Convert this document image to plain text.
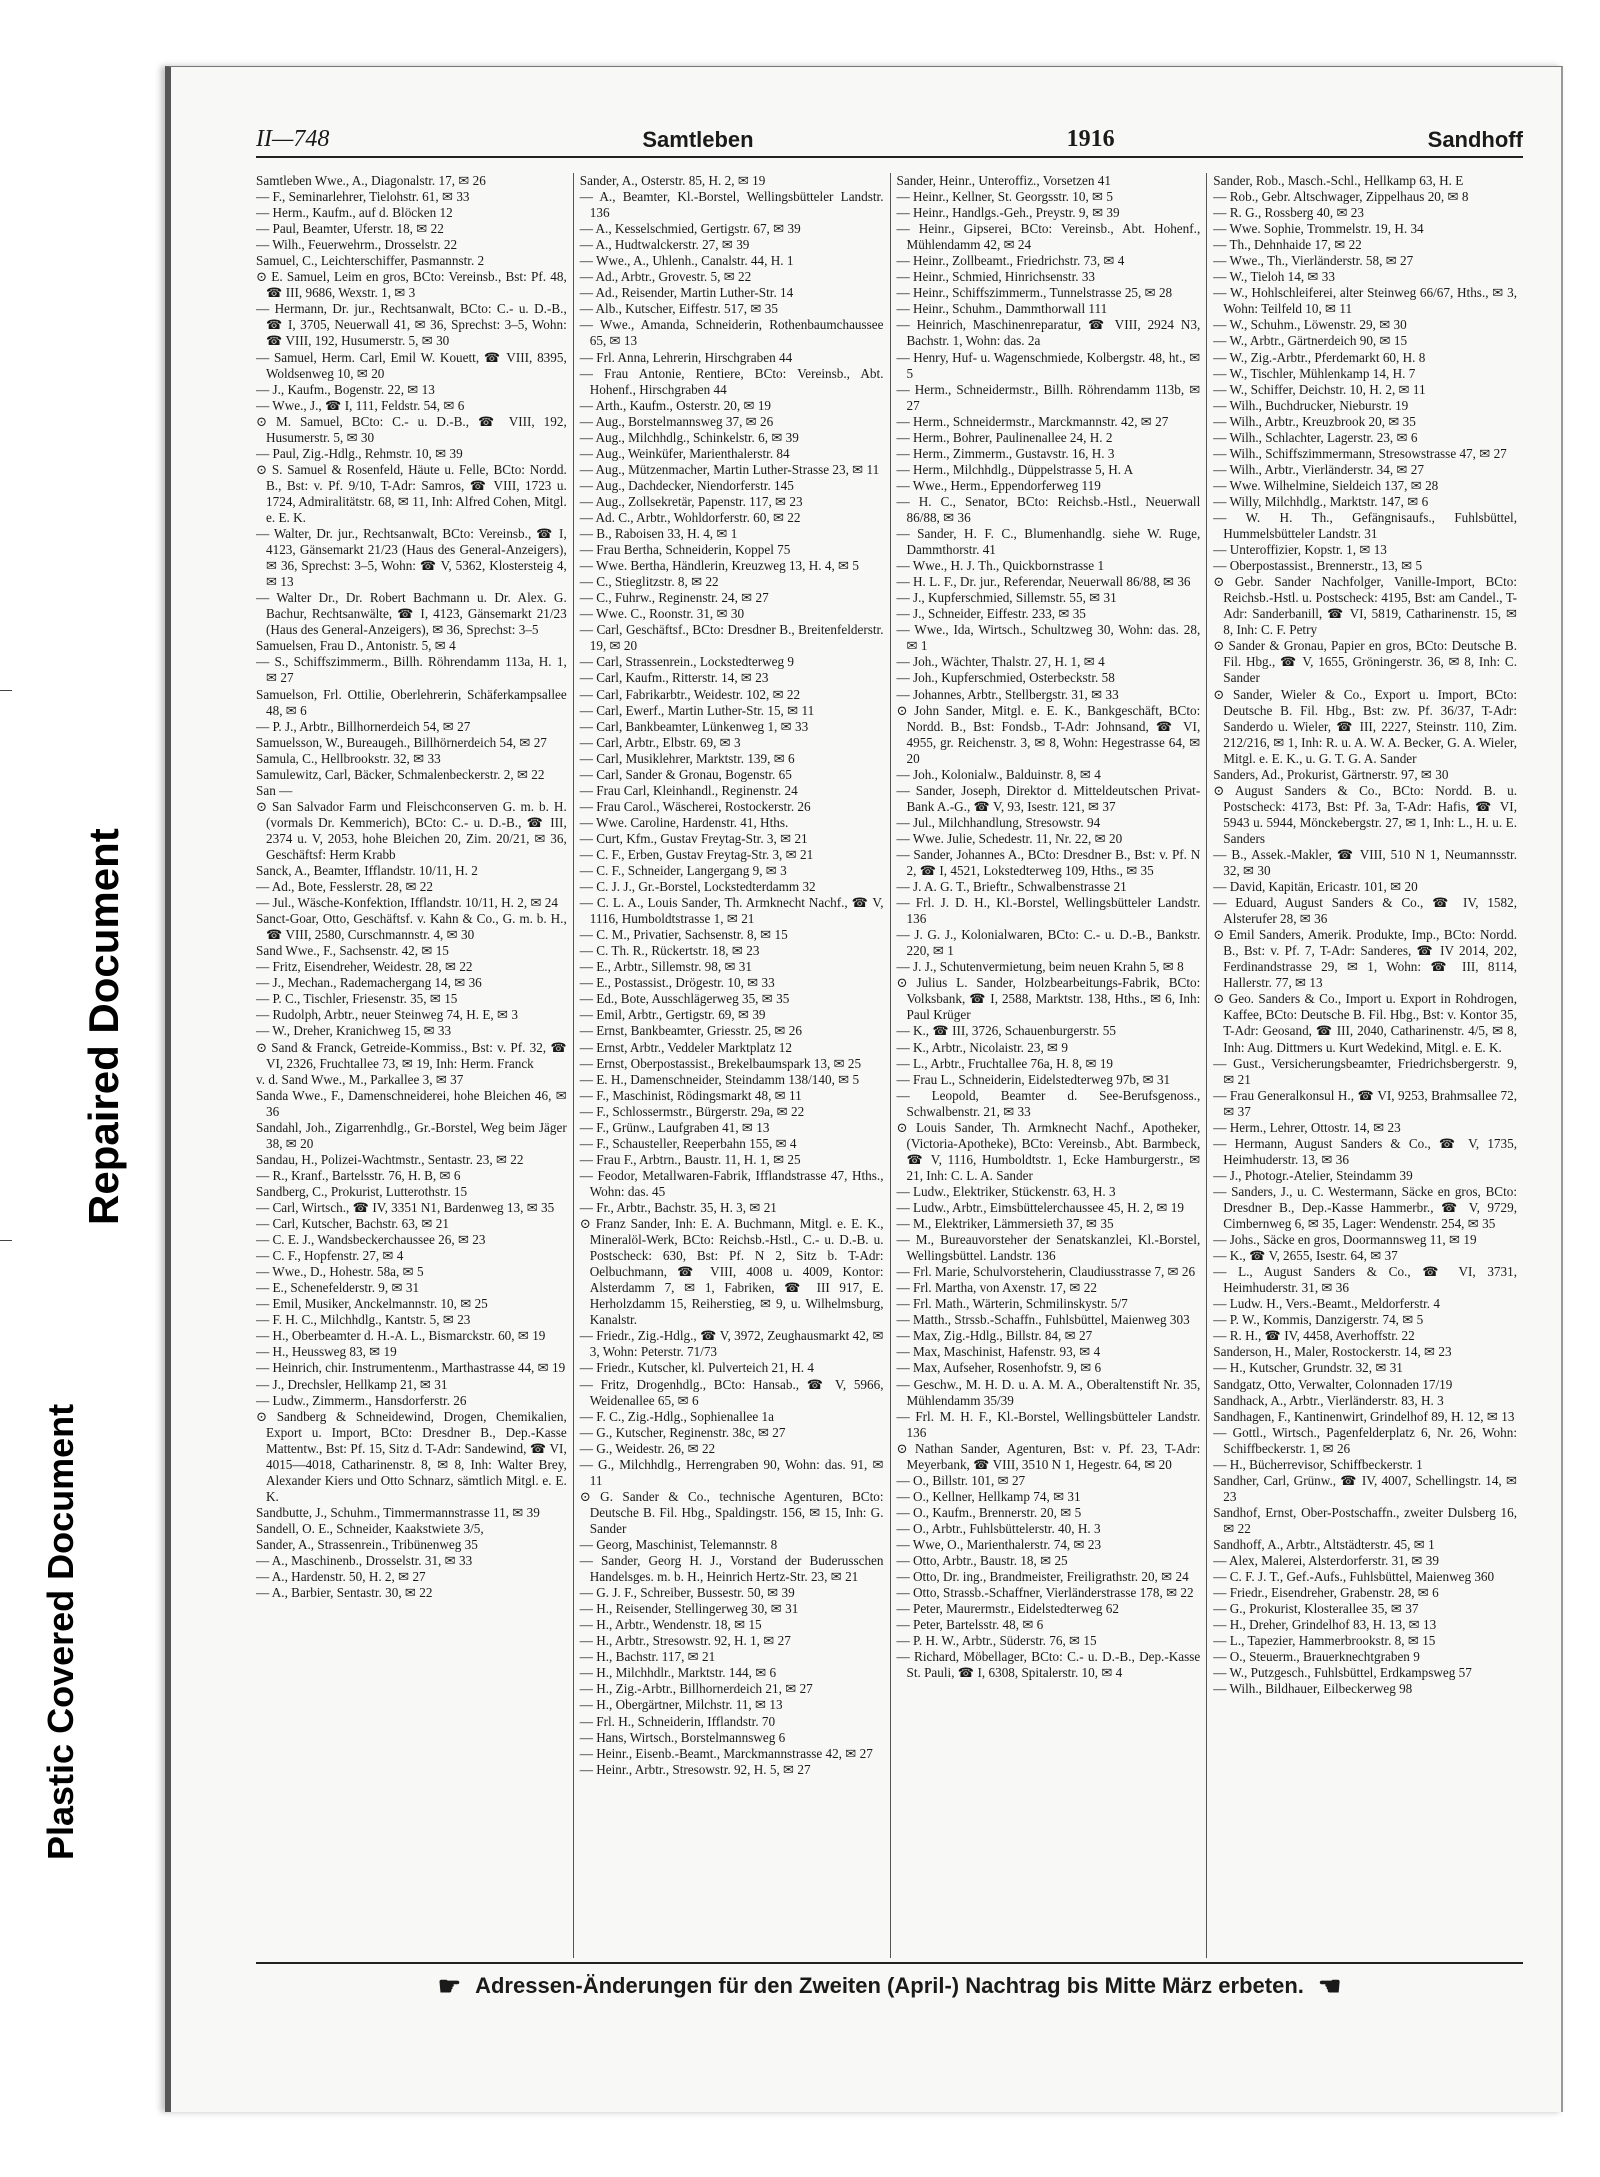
Repaired Document
Plastic Covered Document
II—748	Samtleben	1916	Sandhoff
Samtleben Wwe., A., Diagonalstr. 17, ✉ 26
— F., Seminarlehrer, Tielohstr. 61, ✉ 33
— Herm., Kaufm., auf d. Blöcken 12
— Paul, Beamter, Uferstr. 18, ✉ 22
— Wilh., Feuerwehrm., Drosselstr. 22
Samuel, C., Leichterschiffer, Pasmannstr. 2
⊙ E. Samuel, Leim en gros, BCto: Vereinsb., Bst: Pf. 48, ☎ III, 9686, Wexstr. 1, ✉ 3
— Hermann, Dr. jur., Rechtsanwalt, BCto: C.- u. D.-B., ☎ I, 3705, Neuerwall 41, ✉ 36, Sprechst: 3–5, Wohn: ☎ VIII, 192, Husumerstr. 5, ✉ 30
— Samuel, Herm. Carl, Emil W. Kouett, ☎ VIII, 8395, Woldsenweg 10, ✉ 20
— J., Kaufm., Bogenstr. 22, ✉ 13
— Wwe., J., ☎ I, 111, Feldstr. 54, ✉ 6
⊙ M. Samuel, BCto: C.- u. D.-B., ☎ VIII, 192, Husumerstr. 5, ✉ 30
— Paul, Zig.-Hdlg., Rehmstr. 10, ✉ 39
⊙ S. Samuel & Rosenfeld, Häute u. Felle, BCto: Nordd. B., Bst: v. Pf. 9/10, T-Adr: Samros, ☎ VIII, 1723 u. 1724, Admiralitätstr. 68, ✉ 11, Inh: Alfred Cohen, Mitgl. e. E. K.
— Walter, Dr. jur., Rechtsanwalt, BCto: Vereinsb., ☎ I, 4123, Gänsemarkt 21/23 (Haus des General-Anzeigers), ✉ 36, Sprechst: 3–5, Wohn: ☎ V, 5362, Klostersteig 4, ✉ 13
— Walter Dr., Dr. Robert Bachmann u. Dr. Alex. G. Bachur, Rechtsanwälte, ☎ I, 4123, Gänsemarkt 21/23 (Haus des General-Anzeigers), ✉ 36, Sprechst: 3–5
Samuelsen, Frau D., Antonistr. 5, ✉ 4
— S., Schiffszimmerm., Billh. Röhrendamm 113a, H. 1, ✉ 27
Samuelson, Frl. Ottilie, Oberlehrerin, Schäferkampsallee 48, ✉ 6
— P. J., Arbtr., Billhornerdeich 54, ✉ 27
Samuelsson, W., Bureaugeh., Billhörnerdeich 54, ✉ 27
Samula, C., Hellbrookstr. 32, ✉ 33
Samulewitz, Carl, Bäcker, Schmalenbeckerstr. 2, ✉ 22
San —
⊙ San Salvador Farm und Fleischconserven G. m. b. H. (vormals Dr. Kemmerich), BCto: C.- u. D.-B., ☎ III, 2374 u. V, 2053, hohe Bleichen 20, Zim. 20/21, ✉ 36, Geschäftsf: Herm Krabb
Sanck, A., Beamter, Ifflandstr. 10/11, H. 2
— Ad., Bote, Fesslerstr. 28, ✉ 22
— Jul., Wäsche-Konfektion, Ifflandstr. 10/11, H. 2, ✉ 24
Sanct-Goar, Otto, Geschäftsf. v. Kahn & Co., G. m. b. H., ☎ VIII, 2580, Curschmannstr. 4, ✉ 30
Sand Wwe., F., Sachsenstr. 42, ✉ 15
— Fritz, Eisendreher, Weidestr. 28, ✉ 22
— J., Mechan., Rademachergang 14, ✉ 36
— P. C., Tischler, Friesenstr. 35, ✉ 15
— Rudolph, Arbtr., neuer Steinweg 74, H. E, ✉ 3
— W., Dreher, Kranichweg 15, ✉ 33
⊙ Sand & Franck, Getreide-Kommiss., Bst: v. Pf. 32, ☎ VI, 2326, Fruchtallee 73, ✉ 19, Inh: Herm. Franck
v. d. Sand Wwe., M., Parkallee 3, ✉ 37
Sanda Wwe., F., Damenschneiderei, hohe Bleichen 46, ✉ 36
Sandahl, Joh., Zigarrenhdlg., Gr.-Borstel, Weg beim Jäger 38, ✉ 20
Sandau, H., Polizei-Wachtmstr., Sentastr. 23, ✉ 22
— R., Kranf., Bartelsstr. 76, H. B, ✉ 6
Sandberg, C., Prokurist, Lutterothstr. 15
— Carl, Wirtsch., ☎ IV, 3351 N1, Bardenweg 13, ✉ 35
— Carl, Kutscher, Bachstr. 63, ✉ 21
— C. E. J., Wandsbeckerchaussee 26, ✉ 23
— C. F., Hopfenstr. 27, ✉ 4
— Wwe., D., Hohestr. 58a, ✉ 5
— E., Schenefelderstr. 9, ✉ 31
— Emil, Musiker, Anckelmannstr. 10, ✉ 25
— F. H. C., Milchhdlg., Kantstr. 5, ✉ 23
— H., Oberbeamter d. H.-A. L., Bismarckstr. 60, ✉ 19
— H., Heussweg 83, ✉ 19
— Heinrich, chir. Instrumentenm., Marthastrasse 44, ✉ 19
— J., Drechsler, Hellkamp 21, ✉ 31
— Ludw., Zimmerm., Hansdorferstr. 26
⊙ Sandberg & Schneidewind, Drogen, Chemikalien, Export u. Import, BCto: Dresdner B., Dep.-Kasse Mattentw., Bst: Pf. 15, Sitz d. T-Adr: Sandewind, ☎ VI, 4015—4018, Catharinenstr. 8, ✉ 8, Inh: Walter Brey, Alexander Kiers und Otto Schnarz, sämtlich Mitgl. e. E. K.
Sandbutte, J., Schuhm., Timmermannstrasse 11, ✉ 39
Sandell, O. E., Schneider, Kaakstwiete 3/5,
Sander, A., Strassenrein., Tribünenweg 35
— A., Maschinenb., Drosselstr. 31, ✉ 33
— A., Hardenstr. 50, H. 2, ✉ 27
— A., Barbier, Sentastr. 30, ✉ 22
Sander, A., Osterstr. 85, H. 2, ✉ 19
— A., Beamter, Kl.-Borstel, Wellingsbütteler Landstr. 136
— A., Kesselschmied, Gertigstr. 67, ✉ 39
— A., Hudtwalckerstr. 27, ✉ 39
— Wwe., A., Uhlenh., Canalstr. 44, H. 1
— Ad., Arbtr., Grovestr. 5, ✉ 22
— Ad., Reisender, Martin Luther-Str. 14
— Alb., Kutscher, Eiffestr. 517, ✉ 35
— Wwe., Amanda, Schneiderin, Rothenbaumchaussee 65, ✉ 13
— Frl. Anna, Lehrerin, Hirschgraben 44
— Frau Antonie, Rentiere, BCto: Vereinsb., Abt. Hohenf., Hirschgraben 44
— Arth., Kaufm., Osterstr. 20, ✉ 19
— Aug., Borstelmannsweg 37, ✉ 26
— Aug., Milchhdlg., Schinkelstr. 6, ✉ 39
— Aug., Weinküfer, Marienthalerstr. 84
— Aug., Mützenmacher, Martin Luther-Strasse 23, ✉ 11
— Aug., Dachdecker, Niendorferstr. 145
— Aug., Zollsekretär, Papenstr. 117, ✉ 23
— Ad. C., Arbtr., Wohldorferstr. 60, ✉ 22
— B., Raboisen 33, H. 4, ✉ 1
— Frau Bertha, Schneiderin, Koppel 75
— Wwe. Bertha, Händlerin, Kreuzweg 13, H. 4, ✉ 5
— C., Stieglitzstr. 8, ✉ 22
— C., Fuhrw., Reginenstr. 24, ✉ 27
— Wwe. C., Roonstr. 31, ✉ 30
— Carl, Geschäftsf., BCto: Dresdner B., Breitenfelderstr. 19, ✉ 20
— Carl, Strassenrein., Lockstedterweg 9
— Carl, Kaufm., Ritterstr. 14, ✉ 23
— Carl, Fabrikarbtr., Weidestr. 102, ✉ 22
— Carl, Ewerf., Martin Luther-Str. 15, ✉ 11
— Carl, Bankbeamter, Lünkenweg 1, ✉ 33
— Carl, Arbtr., Elbstr. 69, ✉ 3
— Carl, Musiklehrer, Marktstr. 139, ✉ 6
— Carl, Sander & Gronau, Bogenstr. 65
— Frau Carl, Kleinhandl., Reginenstr. 24
— Frau Carol., Wäscherei, Rostockerstr. 26
— Wwe. Caroline, Hardenstr. 41, Hths.
— Curt, Kfm., Gustav Freytag-Str. 3, ✉ 21
— C. F., Erben, Gustav Freytag-Str. 3, ✉ 21
— C. F., Schneider, Langergang 9, ✉ 3
— C. J. J., Gr.-Borstel, Lockstedterdamm 32
— C. L. A., Louis Sander, Th. Armknecht Nachf., ☎ V, 1116, Humboldtstrasse 1, ✉ 21
— C. M., Privatier, Sachsenstr. 8, ✉ 15
— C. Th. R., Rückertstr. 18, ✉ 23
— E., Arbtr., Sillemstr. 98, ✉ 31
— E., Postassist., Drögestr. 10, ✉ 33
— Ed., Bote, Ausschlägerweg 35, ✉ 35
— Emil, Arbtr., Gertigstr. 69, ✉ 39
— Ernst, Bankbeamter, Griesstr. 25, ✉ 26
— Ernst, Arbtr., Veddeler Marktplatz 12
— Ernst, Oberpostassist., Brekelbaumspark 13, ✉ 25
— E. H., Damenschneider, Steindamm 138/140, ✉ 5
— F., Maschinist, Rödingsmarkt 48, ✉ 11
— F., Schlossermstr., Bürgerstr. 29a, ✉ 22
— F., Grünw., Laufgraben 41, ✉ 13
— F., Schausteller, Reeperbahn 155, ✉ 4
— Frau F., Arbtrn., Baustr. 11, H. 1, ✉ 25
— Feodor, Metallwaren-Fabrik, Ifflandstrasse 47, Hths., Wohn: das. 45
— Fr., Arbtr., Bachstr. 35, H. 3, ✉ 21
⊙ Franz Sander, Inh: E. A. Buchmann, Mitgl. e. E. K., Mineralöl-Werk, BCto: Reichsb.-Hstl., C.- u. D.-B. u. Postscheck: 630, Bst: Pf. N 2, Sitz b. T-Adr: Oelbuchmann, ☎ VIII, 4008 u. 4009, Kontor: Alsterdamm 7, ✉ 1, Fabriken, ☎ III 917, E. Herholzdamm 15, Reiherstieg, ✉ 9, u. Wilhelmsburg, Kanalstr.
— Friedr., Zig.-Hdlg., ☎ V, 3972, Zeughausmarkt 42, ✉ 3, Wohn: Peterstr. 71/73
— Friedr., Kutscher, kl. Pulverteich 21, H. 4
— Fritz, Drogenhdlg., BCto: Hansab., ☎ V, 5966, Weidenallee 65, ✉ 6
— F. C., Zig.-Hdlg., Sophienallee 1a
— G., Kutscher, Reginenstr. 38c, ✉ 27
— G., Weidestr. 26, ✉ 22
— G., Milchhdlg., Herrengraben 90, Wohn: das. 91, ✉ 11
⊙ G. Sander & Co., technische Agenturen, BCto: Deutsche B. Fil. Hbg., Spaldingstr. 156, ✉ 15, Inh: G. Sander
— Georg, Maschinist, Telemannstr. 8
— Sander, Georg H. J., Vorstand der Buderusschen Handelsges. m. b. H., Heinrich Hertz-Str. 23, ✉ 21
— G. J. F., Schreiber, Bussestr. 50, ✉ 39
— H., Reisender, Stellingerweg 30, ✉ 31
— H., Arbtr., Wendenstr. 18, ✉ 15
— H., Arbtr., Stresowstr. 92, H. 1, ✉ 27
— H., Bachstr. 117, ✉ 21
— H., Milchhdlr., Marktstr. 144, ✉ 6
— H., Zig.-Arbtr., Billhornerdeich 21, ✉ 27
— H., Obergärtner, Milchstr. 11, ✉ 13
— Frl. H., Schneiderin, Ifflandstr. 70
— Hans, Wirtsch., Borstelmannsweg 6
— Heinr., Eisenb.-Beamt., Marckmannstrasse 42, ✉ 27
— Heinr., Arbtr., Stresowstr. 92, H. 5, ✉ 27
Sander, Heinr., Unteroffiz., Vorsetzen 41
— Heinr., Kellner, St. Georgsstr. 10, ✉ 5
— Heinr., Handlgs.-Geh., Preystr. 9, ✉ 39
— Heinr., Gipserei, BCto: Vereinsb., Abt. Hohenf., Mühlendamm 42, ✉ 24
— Heinr., Zollbeamt., Friedrichstr. 73, ✉ 4
— Heinr., Schmied, Hinrichsenstr. 33
— Heinr., Schiffszimmerm., Tunnelstrasse 25, ✉ 28
— Heinr., Schuhm., Dammthorwall 111
— Heinrich, Maschinenreparatur, ☎ VIII, 2924 N3, Bachstr. 1, Wohn: das. 2a
— Henry, Huf- u. Wagenschmiede, Kolbergstr. 48, ht., ✉ 5
— Herm., Schneidermstr., Billh. Röhrendamm 113b, ✉ 27
— Herm., Schneidermstr., Marckmannstr. 42, ✉ 27
— Herm., Bohrer, Paulinenallee 24, H. 2
— Herm., Zimmerm., Gustavstr. 16, H. 3
— Herm., Milchhdlg., Düppelstrasse 5, H. A
— Wwe., Herm., Eppendorferweg 119
— H. C., Senator, BCto: Reichsb.-Hstl., Neuerwall 86/88, ✉ 36
— Sander, H. F. C., Blumenhandlg. siehe W. Ruge, Dammthorstr. 41
— Wwe., H. J. Th., Quickbornstrasse 1
— H. L. F., Dr. jur., Referendar, Neuerwall 86/88, ✉ 36
— J., Kupferschmied, Sillemstr. 55, ✉ 31
— J., Schneider, Eiffestr. 233, ✉ 35
— Wwe., Ida, Wirtsch., Schultzweg 30, Wohn: das. 28, ✉ 1
— Joh., Wächter, Thalstr. 27, H. 1, ✉ 4
— Joh., Kupferschmied, Osterbeckstr. 58
— Johannes, Arbtr., Stellbergstr. 31, ✉ 33
⊙ John Sander, Mitgl. e. E. K., Bankgeschäft, BCto: Nordd. B., Bst: Fondsb., T-Adr: Johnsand, ☎ VI, 4955, gr. Reichenstr. 3, ✉ 8, Wohn: Hegestrasse 64, ✉ 20
— Joh., Kolonialw., Balduinstr. 8, ✉ 4
— Sander, Joseph, Direktor d. Mitteldeutschen Privat-Bank A.-G., ☎ V, 93, Isestr. 121, ✉ 37
— Jul., Milchhandlung, Stresowstr. 94
— Wwe. Julie, Schedestr. 11, Nr. 22, ✉ 20
— Sander, Johannes A., BCto: Dresdner B., Bst: v. Pf. N 2, ☎ I, 4521, Lokstedterweg 109, Hths., ✉ 35
— J. A. G. T., Brieftr., Schwalbenstrasse 21
— Frl. J. D. H., Kl.-Borstel, Wellingsbütteler Landstr. 136
— J. G. J., Kolonialwaren, BCto: C.- u. D.-B., Bankstr. 220, ✉ 1
— J. J., Schutenvermietung, beim neuen Krahn 5, ✉ 8
⊙ Julius L. Sander, Holzbearbeitungs-Fabrik, BCto: Volksbank, ☎ I, 2588, Marktstr. 138, Hths., ✉ 6, Inh: Paul Krüger
— K., ☎ III, 3726, Schauenburgerstr. 55
— K., Arbtr., Nicolaistr. 23, ✉ 9
— L., Arbtr., Fruchtallee 76a, H. 8, ✉ 19
— Frau L., Schneiderin, Eidelstedterweg 97b, ✉ 31
— Leopold, Beamter d. See-Berufsgenoss., Schwalbenstr. 21, ✉ 33
⊙ Louis Sander, Th. Armknecht Nachf., Apotheker, (Victoria-Apotheke), BCto: Vereinsb., Abt. Barmbeck, ☎ V, 1116, Humboldtstr. 1, Ecke Hamburgerstr., ✉ 21, Inh: C. L. A. Sander
— Ludw., Elektriker, Stückenstr. 63, H. 3
— Ludw., Arbtr., Eimsbüttelerchaussee 45, H. 2, ✉ 19
— M., Elektriker, Lämmersieth 37, ✉ 35
— M., Bureauvorsteher der Senatskanzlei, Kl.-Borstel, Wellingsbüttel. Landstr. 136
— Frl. Marie, Schulvorsteherin, Claudiusstrasse 7, ✉ 26
— Frl. Martha, von Axenstr. 17, ✉ 22
— Frl. Math., Wärterin, Schmilinskystr. 5/7
— Matth., Strssb.-Schaffn., Fuhlsbüttel, Maienweg 303
— Max, Zig.-Hdlg., Billstr. 84, ✉ 27
— Max, Maschinist, Hafenstr. 93, ✉ 4
— Max, Aufseher, Rosenhofstr. 9, ✉ 6
— Geschw., M. H. D. u. A. M. A., Oberaltenstift Nr. 35, Mühlendamm 35/39
— Frl. M. H. F., Kl.-Borstel, Wellingsbütteler Landstr. 136
⊙ Nathan Sander, Agenturen, Bst: v. Pf. 23, T-Adr: Meyerbank, ☎ VIII, 3510 N 1, Hegestr. 64, ✉ 20
— O., Billstr. 101, ✉ 27
— O., Kellner, Hellkamp 74, ✉ 31
— O., Kaufm., Brennerstr. 20, ✉ 5
— O., Arbtr., Fuhlsbüttelerstr. 40, H. 3
— Wwe, O., Marienthalerstr. 74, ✉ 23
— Otto, Arbtr., Baustr. 18, ✉ 25
— Otto, Dr. ing., Brandmeister, Freiligrathstr. 20, ✉ 24
— Otto, Strassb.-Schaffner, Vierländerstrasse 178, ✉ 22
— Peter, Maurermstr., Eidelstedterweg 62
— Peter, Bartelsstr. 48, ✉ 6
— P. H. W., Arbtr., Süderstr. 76, ✉ 15
— Richard, Möbellager, BCto: C.- u. D.-B., Dep.-Kasse St. Pauli, ☎ I, 6308, Spitalerstr. 10, ✉ 4
Sander, Rob., Masch.-Schl., Hellkamp 63, H. E
— Rob., Gebr. Altschwager, Zippelhaus 20, ✉ 8
— R. G., Rossberg 40, ✉ 23
— Wwe. Sophie, Trommelstr. 19, H. 34
— Th., Dehnhaide 17, ✉ 22
— Wwe., Th., Vierländerstr. 58, ✉ 27
— W., Tieloh 14, ✉ 33
— W., Hohlschleiferei, alter Steinweg 66/67, Hths., ✉ 3, Wohn: Teilfeld 10, ✉ 11
— W., Schuhm., Löwenstr. 29, ✉ 30
— W., Arbtr., Gärtnerdeich 90, ✉ 15
— W., Zig.-Arbtr., Pferdemarkt 60, H. 8
— W., Tischler, Mühlenkamp 14, H. 7
— W., Schiffer, Deichstr. 10, H. 2, ✉ 11
— Wilh., Buchdrucker, Nieburstr. 19
— Wilh., Arbtr., Kreuzbrook 20, ✉ 35
— Wilh., Schlachter, Lagerstr. 23, ✉ 6
— Wilh., Schiffszimmermann, Stresowstrasse 47, ✉ 27
— Wilh., Arbtr., Vierländerstr. 34, ✉ 27
— Wwe. Wilhelmine, Sieldeich 137, ✉ 28
— Willy, Milchhdlg., Marktstr. 147, ✉ 6
— W. H. Th., Gefängnisaufs., Fuhlsbüttel, Hummelsbütteler Landstr. 31
— Unteroffizier, Kopstr. 1, ✉ 13
— Oberpostassist., Brennerstr., 13, ✉ 5
⊙ Gebr. Sander Nachfolger, Vanille-Import, BCto: Reichsb.-Hstl. u. Postscheck: 4195, Bst: am Candel., T-Adr: Sanderbanill, ☎ VI, 5819, Catharinenstr. 15, ✉ 8, Inh: C. F. Petry
⊙ Sander & Gronau, Papier en gros, BCto: Deutsche B. Fil. Hbg., ☎ V, 1655, Gröningerstr. 36, ✉ 8, Inh: C. Sander
⊙ Sander, Wieler & Co., Export u. Import, BCto: Deutsche B. Fil. Hbg., Bst: zw. Pf. 36/37, T-Adr: Sanderdo u. Wieler, ☎ III, 2227, Steinstr. 110, Zim. 212/216, ✉ 1, Inh: R. u. A. W. A. Becker, G. A. Wieler, Mitgl. e. E. K., u. G. T. G. A. Sander
Sanders, Ad., Prokurist, Gärtnerstr. 97, ✉ 30
⊙ August Sanders & Co., BCto: Nordd. B. u. Postscheck: 4173, Bst: Pf. 3a, T-Adr: Hafis, ☎ VI, 5943 u. 5944, Mönckebergstr. 27, ✉ 1, Inh: L., H. u. E. Sanders
— B., Assek.-Makler, ☎ VIII, 510 N 1, Neumannsstr. 32, ✉ 30
— David, Kapitän, Ericastr. 101, ✉ 20
— Eduard, August Sanders & Co., ☎ IV, 1582, Alsterufer 28, ✉ 36
⊙ Emil Sanders, Amerik. Produkte, Imp., BCto: Nordd. B., Bst: v. Pf. 7, T-Adr: Sanderes, ☎ IV 2014, 202, Ferdinandstrasse 29, ✉ 1, Wohn: ☎ III, 8114, Hallerstr. 77, ✉ 13
⊙ Geo. Sanders & Co., Import u. Export in Rohdrogen, Kaffee, BCto: Deutsche B. Fil. Hbg., Bst: v. Kontor 35, T-Adr: Geosand, ☎ III, 2040, Catharinenstr. 4/5, ✉ 8, Inh: Aug. Dittmers u. Kurt Wedekind, Mitgl. e. E. K.
— Gust., Versicherungsbeamter, Friedrichsbergerstr. 9, ✉ 21
— Frau Generalkonsul H., ☎ VI, 9253, Brahmsallee 72, ✉ 37
— Herm., Lehrer, Ottostr. 14, ✉ 23
— Hermann, August Sanders & Co., ☎ V, 1735, Heimhuderstr. 13, ✉ 36
— J., Photogr.-Atelier, Steindamm 39
— Sanders, J., u. C. Westermann, Säcke en gros, BCto: Dresdner B., Dep.-Kasse Hammerbr., ☎ V, 9729, Cimbernweg 6, ✉ 35, Lager: Wendenstr. 254, ✉ 35
— Johs., Säcke en gros, Doormannsweg 11, ✉ 19
— K., ☎ V, 2655, Isestr. 64, ✉ 37
— L., August Sanders & Co., ☎ VI, 3731, Heimhuderstr. 31, ✉ 36
— Ludw. H., Vers.-Beamt., Meldorferstr. 4
— P. W., Kommis, Danzigerstr. 74, ✉ 5
— R. H., ☎ IV, 4458, Averhoffstr. 22
Sanderson, H., Maler, Rostockerstr. 14, ✉ 23
— H., Kutscher, Grundstr. 32, ✉ 31
Sandgatz, Otto, Verwalter, Colonnaden 17/19
Sandhack, A., Arbtr., Vierländerstr. 83, H. 3
Sandhagen, F., Kantinenwirt, Grindelhof 89, H. 12, ✉ 13
— Gottl., Wirtsch., Pagenfelderplatz 6, Nr. 26, Wohn: Schiffbeckerstr. 1, ✉ 26
— H., Bücherrevisor, Schiffbeckerstr. 1
Sandher, Carl, Grünw., ☎ IV, 4007, Schellingstr. 14, ✉ 23
Sandhof, Ernst, Ober-Postschaffn., zweiter Dulsberg 16, ✉ 22
Sandhoff, A., Arbtr., Altstädterstr. 45, ✉ 1
— Alex, Malerei, Alsterdorferstr. 31, ✉ 39
— C. F. J. T., Gef.-Aufs., Fuhlsbüttel, Maienweg 360
— Friedr., Eisendreher, Grabenstr. 28, ✉ 6
— G., Prokurist, Klosterallee 35, ✉ 37
— H., Dreher, Grindelhof 83, H. 13, ✉ 13
— L., Tapezier, Hammerbrookstr. 8, ✉ 15
— O., Steuerm., Brauerknechtgraben 9
— W., Putzgesch., Fuhlsbüttel, Erdkampsweg 57
— Wilh., Bildhauer, Eilbeckerweg 98
☛ Adressen-Änderungen für den Zweiten (April-) Nachtrag bis Mitte März erbeten. ☛
